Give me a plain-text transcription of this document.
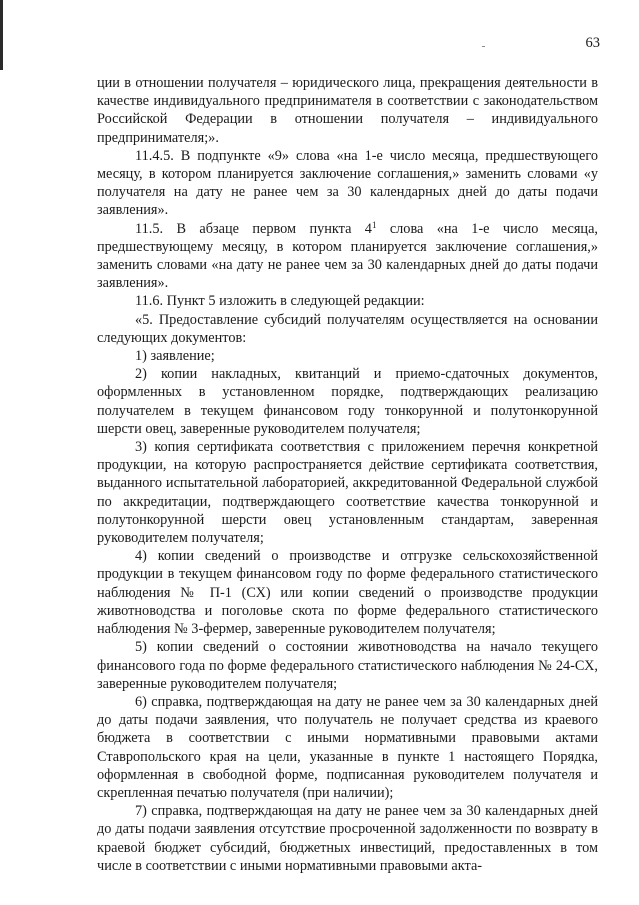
63

ции в отношении получателя – юридического лица, прекращения деятельности в качестве индивидуального предпринимателя в соответствии с законодательством Российской Федерации в отношении получателя – индивидуального предпринимателя;».

11.4.5. В подпункте «9» слова «на 1-е число месяца, предшествующего месяцу, в котором планируется заключение соглашения,» заменить словами «у получателя на дату не ранее чем за 30 календарных дней до даты подачи заявления».

11.5. В абзаце первом пункта $4^1$ слова «на 1-е число месяца, предшествующему месяцу, в котором планируется заключение соглашения,» заменить словами «на дату не ранее чем за 30 календарных дней до даты подачи заявления».

11.6. Пункт 5 изложить в следующей редакции:

«5. Предоставление субсидий получателям осуществляется на основании следующих документов:

1) заявление;

2) копии накладных, квитанций и приемо-сдаточных документов, оформленных в установленном порядке, подтверждающих реализацию получателем в текущем финансовом году тонкорунной и полутонкорунной шерсти овец, заверенные руководителем получателя;

3) копия сертификата соответствия с приложением перечня конкретной продукции, на которую распространяется действие сертификата соответствия, выданного испытательной лабораторией, аккредитованной Федеральной службой по аккредитации, подтверждающего соответствие качества тонкорунной и полутонкорунной шерсти овец установленным стандартам, заверенная руководителем получателя;

4) копии сведений о производстве и отгрузке сельскохозяйственной продукции в текущем финансовом году по форме федерального статистического наблюдения № П-1 (СХ) или копии сведений о производстве продукции животноводства и поголовье скота по форме федерального статистического наблюдения № 3-фермер, заверенные руководителем получателя;

5) копии сведений о состоянии животноводства на начало текущего финансового года по форме федерального статистического наблюдения № 24-СХ, заверенные руководителем получателя;

6) справка, подтверждающая на дату не ранее чем за 30 календарных дней до даты подачи заявления, что получатель не получает средства из краевого бюджета в соответствии с иными нормативными правовыми актами Ставропольского края на цели, указанные в пункте 1 настоящего Порядка, оформленная в свободной форме, подписанная руководителем получателя и скрепленная печатью получателя (при наличии);

7) справка, подтверждающая на дату не ранее чем за 30 календарных дней до даты подачи заявления отсутствие просроченной задолженности по возврату в краевой бюджет субсидий, бюджетных инвестиций, предоставленных в том числе в соответствии с иными нормативными правовыми акта-
